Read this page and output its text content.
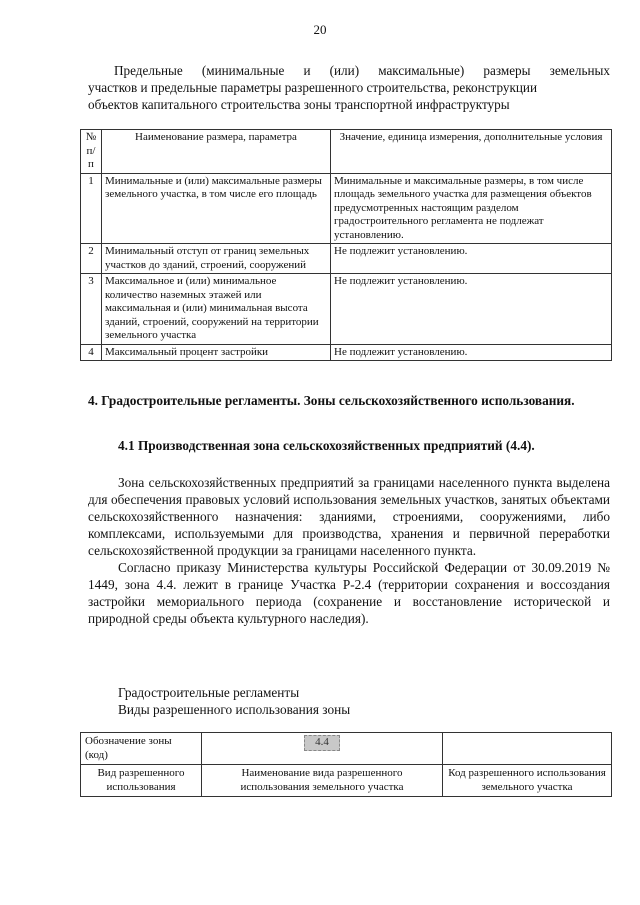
20
Предельные (минимальные и (или) максимальные) размеры земельных
участков и предельные параметры разрешенного строительства, реконструкции
объектов капитального строительства зоны транспортной инфраструктуры
№ п/п	Наименование размера, параметра	Значение, единица измерения, дополнительные условия
1	Минимальные и (или) максимальные размеры земельного участка, в том числе его площадь	Минимальные и максимальные размеры, в том числе площадь земельного участка для размещения объектов предусмотренных настоящим разделом градостроительного регламента не подлежат установлению.
2	Минимальный отступ от границ земельных участков до зданий, строений, сооружений	Не подлежит установлению.
3	Максимальное и (или) минимальное количество наземных этажей или максимальная и (или) минимальная высота зданий, строений, сооружений на территории земельного участка	Не подлежит установлению.
4	Максимальный процент застройки	Не подлежит установлению.
4. Градостроительные регламенты. Зоны сельскохозяйственного использования.
4.1 Производственная зона сельскохозяйственных предприятий (4.4).

Зона сельскохозяйственных предприятий за границами населенного пункта выделена для обеспечения правовых условий использования земельных участков, занятых объектами сельскохозяйственного назначения: зданиями, строениями, сооружениями, либо комплексами, используемыми для производства, хранения и первичной переработки сельскохозяйственной продукции за границами населенного пункта.

Согласно приказу Министерства культуры Российской Федерации от 30.09.2019 № 1449, зона 4.4. лежит в границе Участка Р-2.4 (территории сохранения и воссоздания застройки мемориального периода (сохранение и восстановление исторической и природной среды объекта культурного наследия).

Градостроительные регламенты

Виды разрешенного использования зоны

Обозначение зоны (код)	4.4	
Вид разрешенного использования	Наименование вида разрешенного использования земельного участка	Код разрешенного использования земельного участка
